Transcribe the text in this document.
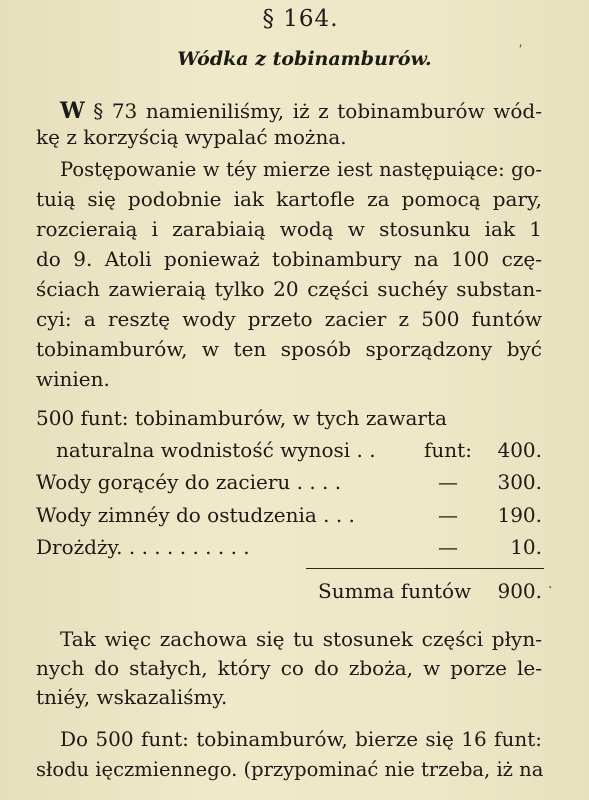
§ 164.
Wódka z tobinamburów.
W § 73 namieniliśmy, iż z tobinamburów wód-
kę z korzyścią wypalać można.
Postępowanie w téy mierze iest następuiące: go-
tuią się podobnie iak kartofle za pomocą pary,
rozcieraią i zarabiaią wodą w stosunku iak 1
do 9. Atoli ponieważ tobinambury na 100 czę-
ściach zawieraią tylko 20 części suchéy substan-
cyi: a resztę wody przeto zacier z 500 funtów
tobinamburów, w ten sposób sporządzony być
winien.
500 funt: tobinamburów, w tych zawarta
naturalna wodnistość wynosi . . funt: 400.
Wody gorącéy do zacieru . . . .	— 300.
Wody zimnéy do ostudzenia . . .	— 190.
Drożdży. . . . . . . . . . .	—	10.
Summa funtów 900.
Tak więc zachowa się tu stosunek części płyn-
nych do stałych, który co do zboża, w porze le-
tniéy, wskazaliśmy.
Do 500 funt: tobinamburów, bierze się 16 funt:
słodu ięczmiennego. (przypominać nie trzeba, iż na
ˌ
·
